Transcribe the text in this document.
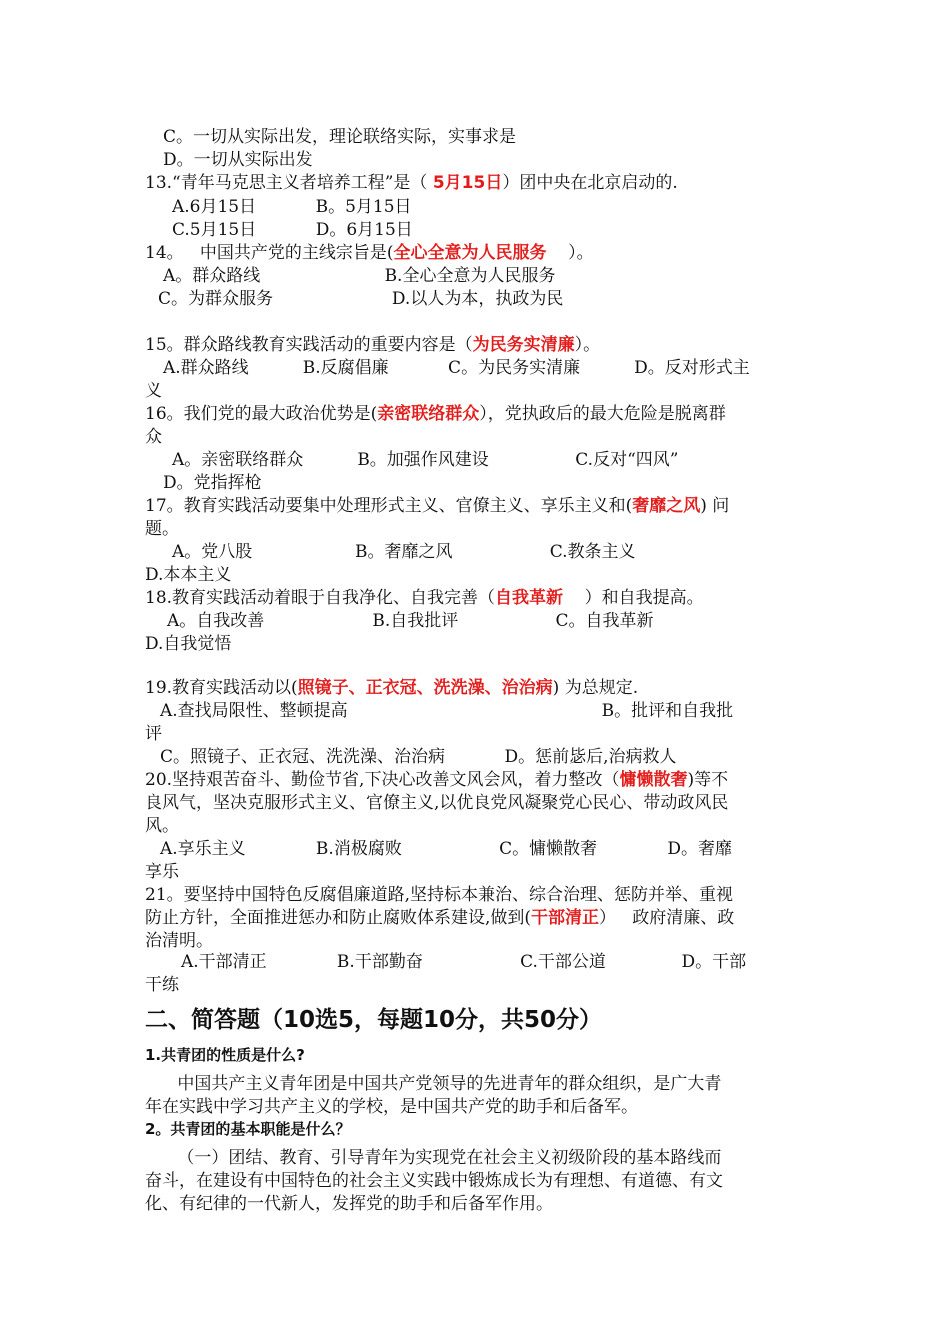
C。一切从实际出发，理论联络实际，实事求是
D。一切从实际出发
13.“青年马克思主义者培养工程”是（ 5月15日）团中央在北京启动的.
A.6月15日           B。5月15日
C.5月15日           D。6月15日
14。   中国共产党的主线宗旨是(全心全意为人民服务    ）。
A。群众路线                       B.全心全意为人民服务
C。为群众服务                      D.以人为本，执政为民
15。群众路线教育实践活动的重要内容是（为民务实清廉）。
A.群众路线          B.反腐倡廉           C。为民务实清廉          D。反对形式主
义
16。我们党的最大政治优势是(亲密联络群众），党执政后的最大危险是脱离群
众
A。亲密联络群众          B。加强作风建设                C.反对“四风”
D。党指挥枪
17。教育实践活动要集中处理形式主义、官僚主义、享乐主义和(奢靡之风) 问
题。
A。党八股                   B。奢靡之风                  C.教条主义
D.本本主义
18.教育实践活动着眼于自我净化、自我完善（自我革新    ）和自我提高。
A。自我改善                    B.自我批评                  C。自我革新
D.自我觉悟
19.教育实践活动以(照镜子、正衣冠、洗洗澡、治治病) 为总规定.
A.查找局限性、整顿提高                                               B。批评和自我批
评
C。照镜子、正衣冠、洗洗澡、治治病           D。惩前毖后,治病救人
20.坚持艰苦奋斗、勤俭节省,下决心改善文风会风，着力整改（慵懒散奢)等不
良风气，坚决克服形式主义、官僚主义,以优良党风凝聚党心民心、带动政风民
风。
A.享乐主义             B.消极腐败                  C。慵懒散奢             D。奢靡
享乐
21。要坚持中国特色反腐倡廉道路,坚持标本兼治、综合治理、惩防并举、重视
防止方针，全面推进惩办和防止腐败体系建设,做到(干部清正）   政府清廉、政
治清明。
A.干部清正             B.干部勤奋                  C.干部公道              D。干部
干练
中国共产主义青年团是中国共产党领导的先进青年的群众组织，是广大青
年在实践中学习共产主义的学校，是中国共产党的助手和后备军。
（一）团结、教育、引导青年为实现党在社会主义初级阶段的基本路线而
奋斗，在建设有中国特色的社会主义实践中锻炼成长为有理想、有道德、有文
化、有纪律的一代新人，发挥党的助手和后备军作用。
二、简答题（10选5，每题10分，共50分）
1.共青团的性质是什么?
2。共青团的基本职能是什么？
